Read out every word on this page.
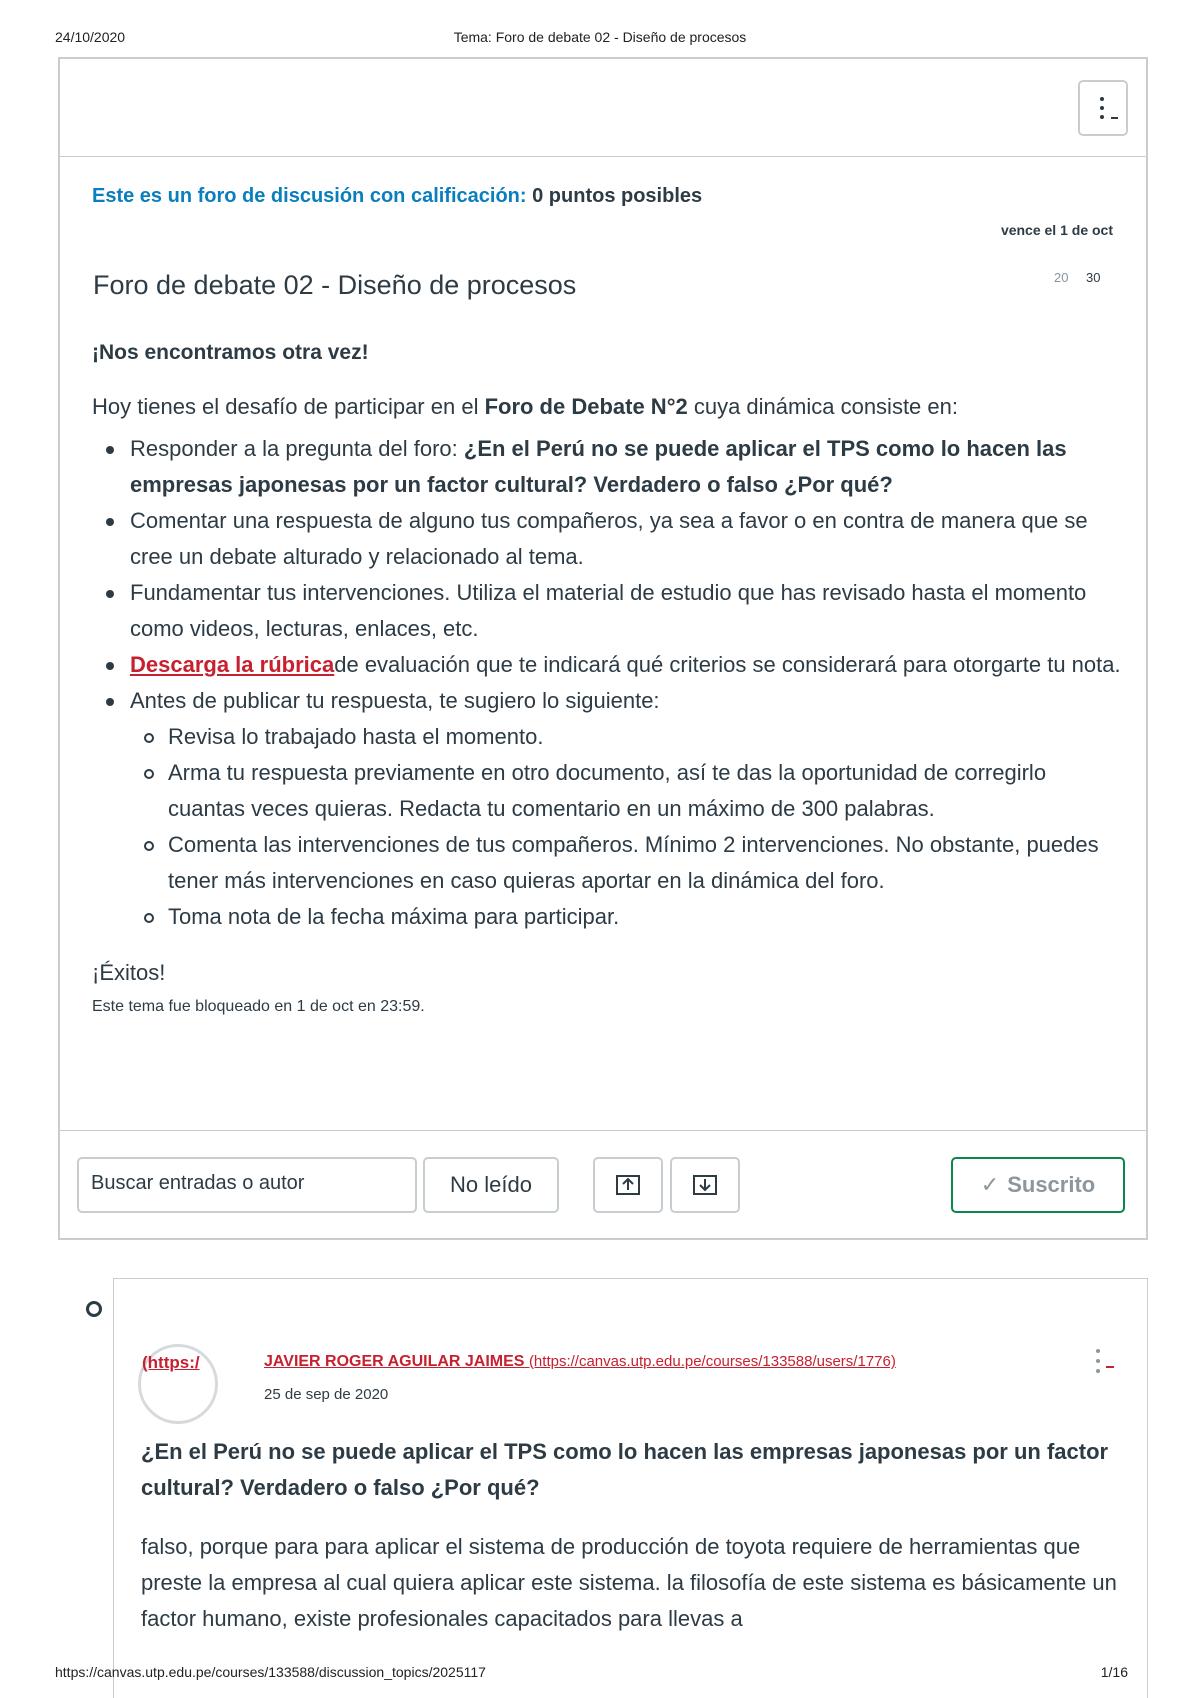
24/10/2020	Tema: Foro de debate 02 - Diseño de procesos
Este es un foro de discusión con calificación: 0 puntos posibles
vence el 1 de oct
Foro de debate 02 - Diseño de procesos	20 30

¡Nos encontramos otra vez!

Hoy tienes el desafío de participar en el Foro de Debate N°2 cuya dinámica consiste en:

Responder a la pregunta del foro: ¿En el Perú no se puede aplicar el TPS como lo hacen las empresas japonesas por un factor cultural? Verdadero o falso ¿Por qué?
Comentar una respuesta de alguno tus compañeros, ya sea a favor o en contra de manera que se cree un debate alturado y relacionado al tema.
Fundamentar tus intervenciones. Utiliza el material de estudio que has revisado hasta el momento como videos, lecturas, enlaces, etc.
Descarga la rúbricade evaluación que te indicará qué criterios se considerará para otorgarte tu nota.
Antes de publicar tu respuesta, te sugiero lo siguiente:
Revisa lo trabajado hasta el momento.
Arma tu respuesta previamente en otro documento, así te das la oportunidad de corregirlo cuantas veces quieras. Redacta tu comentario en un máximo de 300 palabras.
Comenta las intervenciones de tus compañeros. Mínimo 2 intervenciones. No obstante, puedes tener más intervenciones en caso quieras aportar en la dinámica del foro.
Toma nota de la fecha máxima para participar.

¡Éxitos!

Este tema fue bloqueado en 1 de oct en 23:59.

Buscar entradas o autor	No leído	✓ Suscrito
(https:/	JAVIER ROGER AGUILAR JAIMES (https://canvas.utp.edu.pe/courses/133588/users/1776)
25 de sep de 2020
¿En el Perú no se puede aplicar el TPS como lo hacen las empresas japonesas por un factor cultural? Verdadero o falso ¿Por qué?
falso, porque para para aplicar el sistema de producción de toyota requiere de herramientas que preste la empresa al cual quiera aplicar este sistema. la filosofía de este sistema es básicamente un factor humano, existe profesionales capacitados para llevas a
https://canvas.utp.edu.pe/courses/133588/discussion_topics/2025117	1/16
